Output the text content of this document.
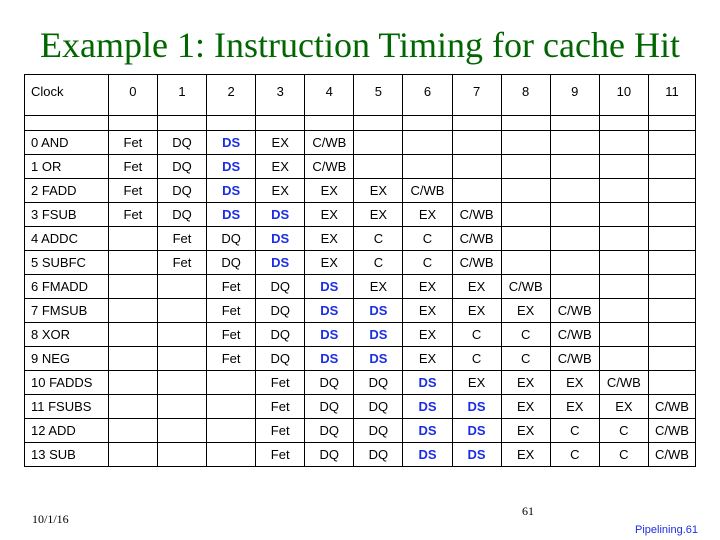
Example 1: Instruction Timing for cache Hit
Clock	0	1	2	3	4	5	6	7	8	9	10	11

0 AND	Fet	DQ	DS	EX	C/WB							
1 OR	Fet	DQ	DS	EX	C/WB							
2 FADD	Fet	DQ	DS	EX	EX	EX	C/WB					
3 FSUB	Fet	DQ	DS	DS	EX	EX	EX	C/WB				
4 ADDC		Fet	DQ	DS	EX	C	C	C/WB				
5 SUBFC		Fet	DQ	DS	EX	C	C	C/WB				
6 FMADD			Fet	DQ	DS	EX	EX	EX	C/WB			
7 FMSUB			Fet	DQ	DS	DS	EX	EX	EX	C/WB		
8 XOR			Fet	DQ	DS	DS	EX	C	C	C/WB		
9 NEG			Fet	DQ	DS	DS	EX	C	C	C/WB		
10 FADDS				Fet	DQ	DQ	DS	EX	EX	EX	C/WB	
11 FSUBS				Fet	DQ	DQ	DS	DS	EX	EX	EX	C/WB
12 ADD				Fet	DQ	DQ	DS	DS	EX	C	C	C/WB
13 SUB				Fet	DQ	DQ	DS	DS	EX	C	C	C/WB
10/1/16
61
Pipelining.61
